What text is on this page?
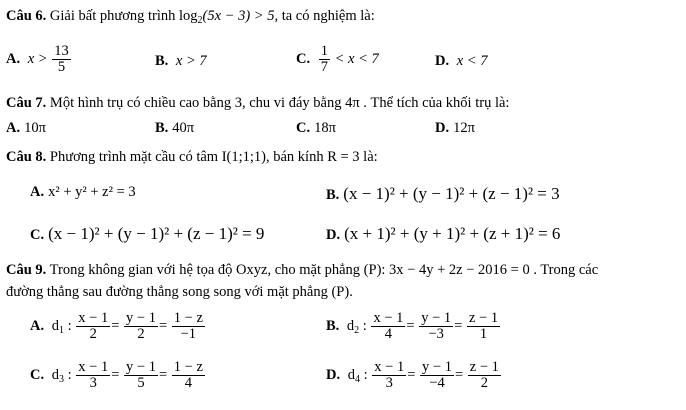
Câu 6. Giải bất phương trình $\log_2(5x - 3) > 5$, ta có nghiệm là:
A. $x > \frac{13}{5}$	B. x > 7	C. $\frac{1}{7} < x < 7$	D. x < 7
Câu 7. Một hình trụ có chiều cao bằng 3, chu vi đáy bằng 4π . Thể tích của khối trụ là:
A. 10π	B. 40π	C. 18π	D. 12π
Câu 8. Phương trình mặt cầu có tâm I(1;1;1), bán kính R = 3 là:
A. x² + y² + z² = 3	B. (x − 1)² + (y − 1)² + (z − 1)² = 3
C. (x − 1)² + (y − 1)² + (z − 1)² = 9	D. (x + 1)² + (y + 1)² + (z + 1)² = 6
Câu 9. Trong không gian với hệ tọa độ Oxyz, cho mặt phẳng (P): 3x − 4y + 2z − 2016 = 0 . Trong các
đường thẳng sau đường thẳng song song với mặt phẳng (P).
A. $d_1$ : $\frac{x - 1}{2} = \frac{y - 1}{2} = \frac{1 - z}{-1}$	B. $d_2$ : $\frac{x - 1}{4} = \frac{y - 1}{-3} = \frac{z - 1}{1}$
C. $d_3$ : $\frac{x - 1}{3} = \frac{y - 1}{5} = \frac{1 - z}{4}$	D. $d_4$ : $\frac{x - 1}{3} = \frac{y - 1}{-4} = \frac{z - 1}{2}$
